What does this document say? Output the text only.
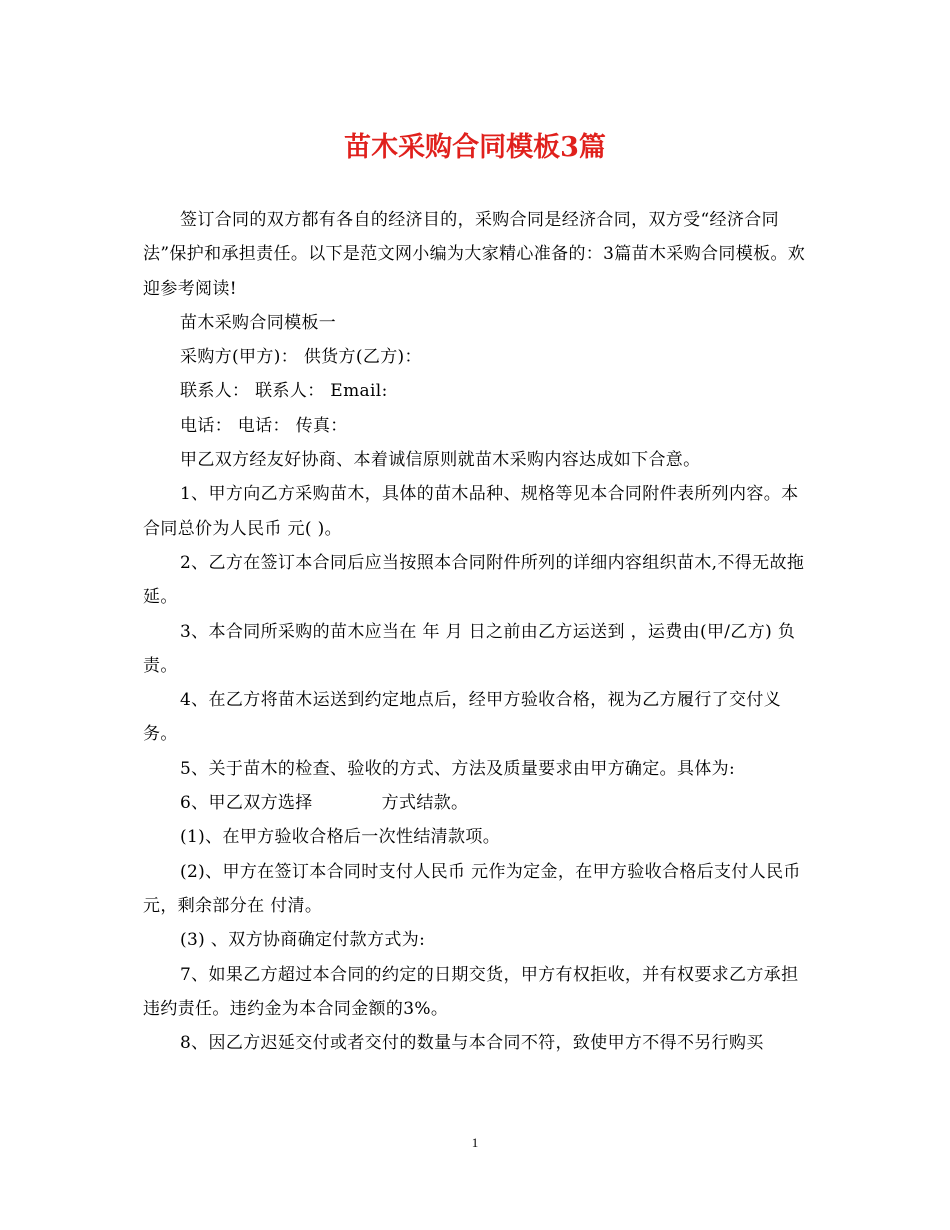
苗木采购合同模板3篇

签订合同的双方都有各自的经济目的，采购合同是经济合同，双方受“经济合同法”保护和承担责任。以下是范文网小编为大家精心准备的：3篇苗木采购合同模板。欢迎参考阅读!

苗木采购合同模板一

采购方(甲方)： 供货方(乙方)：

联系人： 联系人： Email:

电话： 电话： 传真：

甲乙双方经友好协商、本着诚信原则就苗木采购内容达成如下合意。

1、甲方向乙方采购苗木，具体的苗木品种、规格等见本合同附件表所列内容。本合同总价为人民币 元( )。

2、乙方在签订本合同后应当按照本合同附件所列的详细内容组织苗木,不得无故拖延。

3、本合同所采购的苗木应当在 年 月 日之前由乙方运送到 ，运费由(甲/乙方) 负责。

4、在乙方将苗木运送到约定地点后，经甲方验收合格，视为乙方履行了交付义务。

5、关于苗木的检查、验收的方式、方法及质量要求由甲方确定。具体为:

6、甲乙双方选择            方式结款。

(1)、在甲方验收合格后一次性结清款项。

(2)、甲方在签订本合同时支付人民币 元作为定金，在甲方验收合格后支付人民币 元，剩余部分在 付清。

(3) 、双方协商确定付款方式为:

7、如果乙方超过本合同的约定的日期交货，甲方有权拒收，并有权要求乙方承担违约责任。违约金为本合同金额的3%。

8、因乙方迟延交付或者交付的数量与本合同不符，致使甲方不得不另行购买

1
